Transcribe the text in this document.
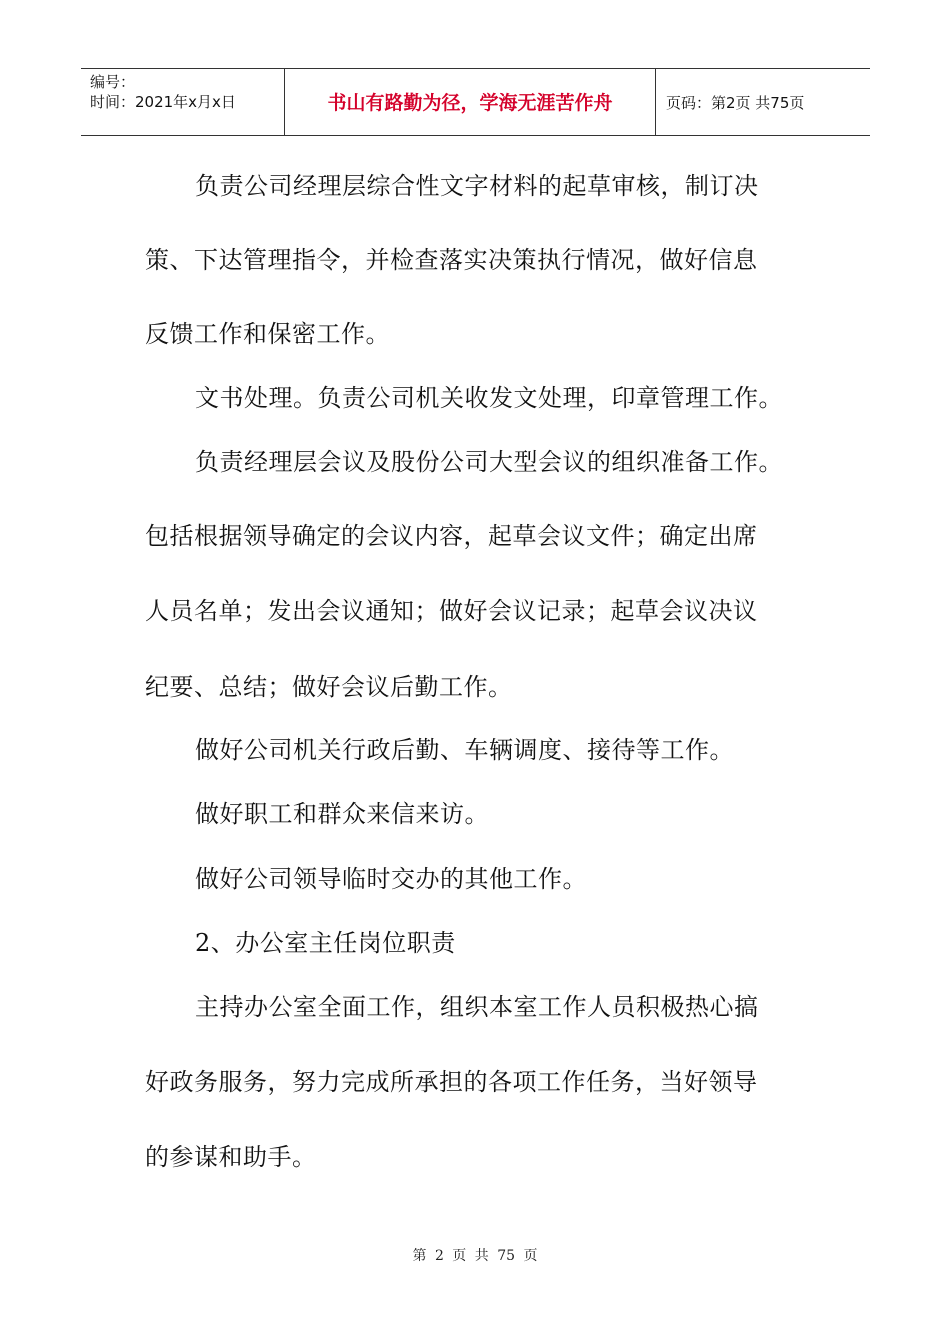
编号：
时间：2021年x月x日	书山有路勤为径，学海无涯苦作舟	页码：第2页 共75页
负责公司经理层综合性文字材料的起草审核，制订决
策、下达管理指令，并检查落实决策执行情况，做好信息
反馈工作和保密工作。
文书处理。负责公司机关收发文处理，印章管理工作。
负责经理层会议及股份公司大型会议的组织准备工作。
包括根据领导确定的会议内容，起草会议文件；确定出席
人员名单；发出会议通知；做好会议记录；起草会议决议
纪要、总结；做好会议后勤工作。
做好公司机关行政后勤、车辆调度、接待等工作。
做好职工和群众来信来访。
做好公司领导临时交办的其他工作。
2、办公室主任岗位职责
主持办公室全面工作，组织本室工作人员积极热心搞
好政务服务，努力完成所承担的各项工作任务，当好领导
的参谋和助手。
第 2 页 共 75 页
